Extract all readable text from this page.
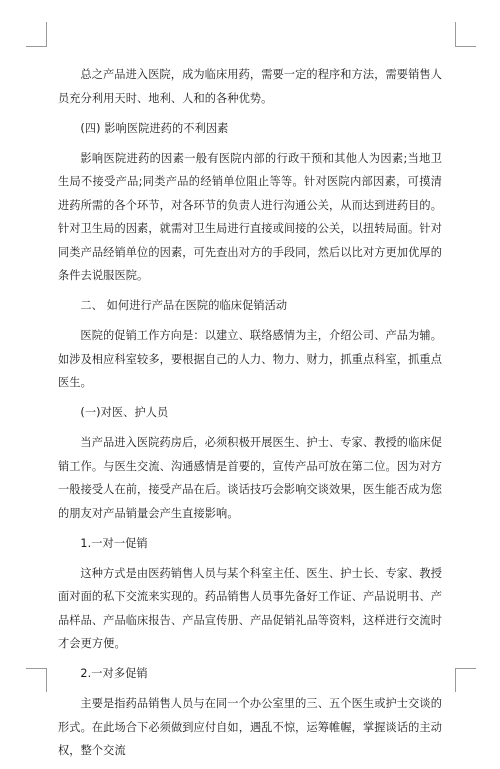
总之产品进入医院，成为临床用药，需要一定的程序和方法，需要销售人员充分利用天时、地利、人和的各种优势。

(四) 影响医院进药的不利因素

影响医院进药的因素一般有医院内部的行政干预和其他人为因素;当地卫生局不接受产品;同类产品的经销单位阻止等等。针对医院内部因素，可摸清进药所需的各个环节，对各环节的负责人进行沟通公关，从而达到进药目的。针对卫生局的因素，就需对卫生局进行直接或间接的公关，以扭转局面。针对同类产品经销单位的因素，可先查出对方的手段同，然后以比对方更加优厚的条件去说服医院。

二、 如何进行产品在医院的临床促销活动

医院的促销工作方向是：以建立、联络感情为主，介绍公司、产品为辅。如涉及相应科室较多，要根据自己的人力、物力、财力，抓重点科室，抓重点医生。

(一)对医、护人员

当产品进入医院药房后，必须积极开展医生、护士、专家、教授的临床促销工作。与医生交流、沟通感情是首要的，宣传产品可放在第二位。因为对方一般接受人在前，接受产品在后。谈话技巧会影响交谈效果，医生能否成为您的朋友对产品销量会产生直接影响。

1.一对一促销

这种方式是由医药销售人员与某个科室主任、医生、护士长、专家、教授面对面的私下交流来实现的。药品销售人员事先备好工作证、产品说明书、产品样品、产品临床报告、产品宣传册、产品促销礼品等资料，这样进行交流时才会更方便。

2.一对多促销

主要是指药品销售人员与在同一个办公室里的三、五个医生或护士交谈的形式。在此场合下必须做到应付自如，遇乱不惊，运筹帷幄，掌握谈话的主动权，整个交流
